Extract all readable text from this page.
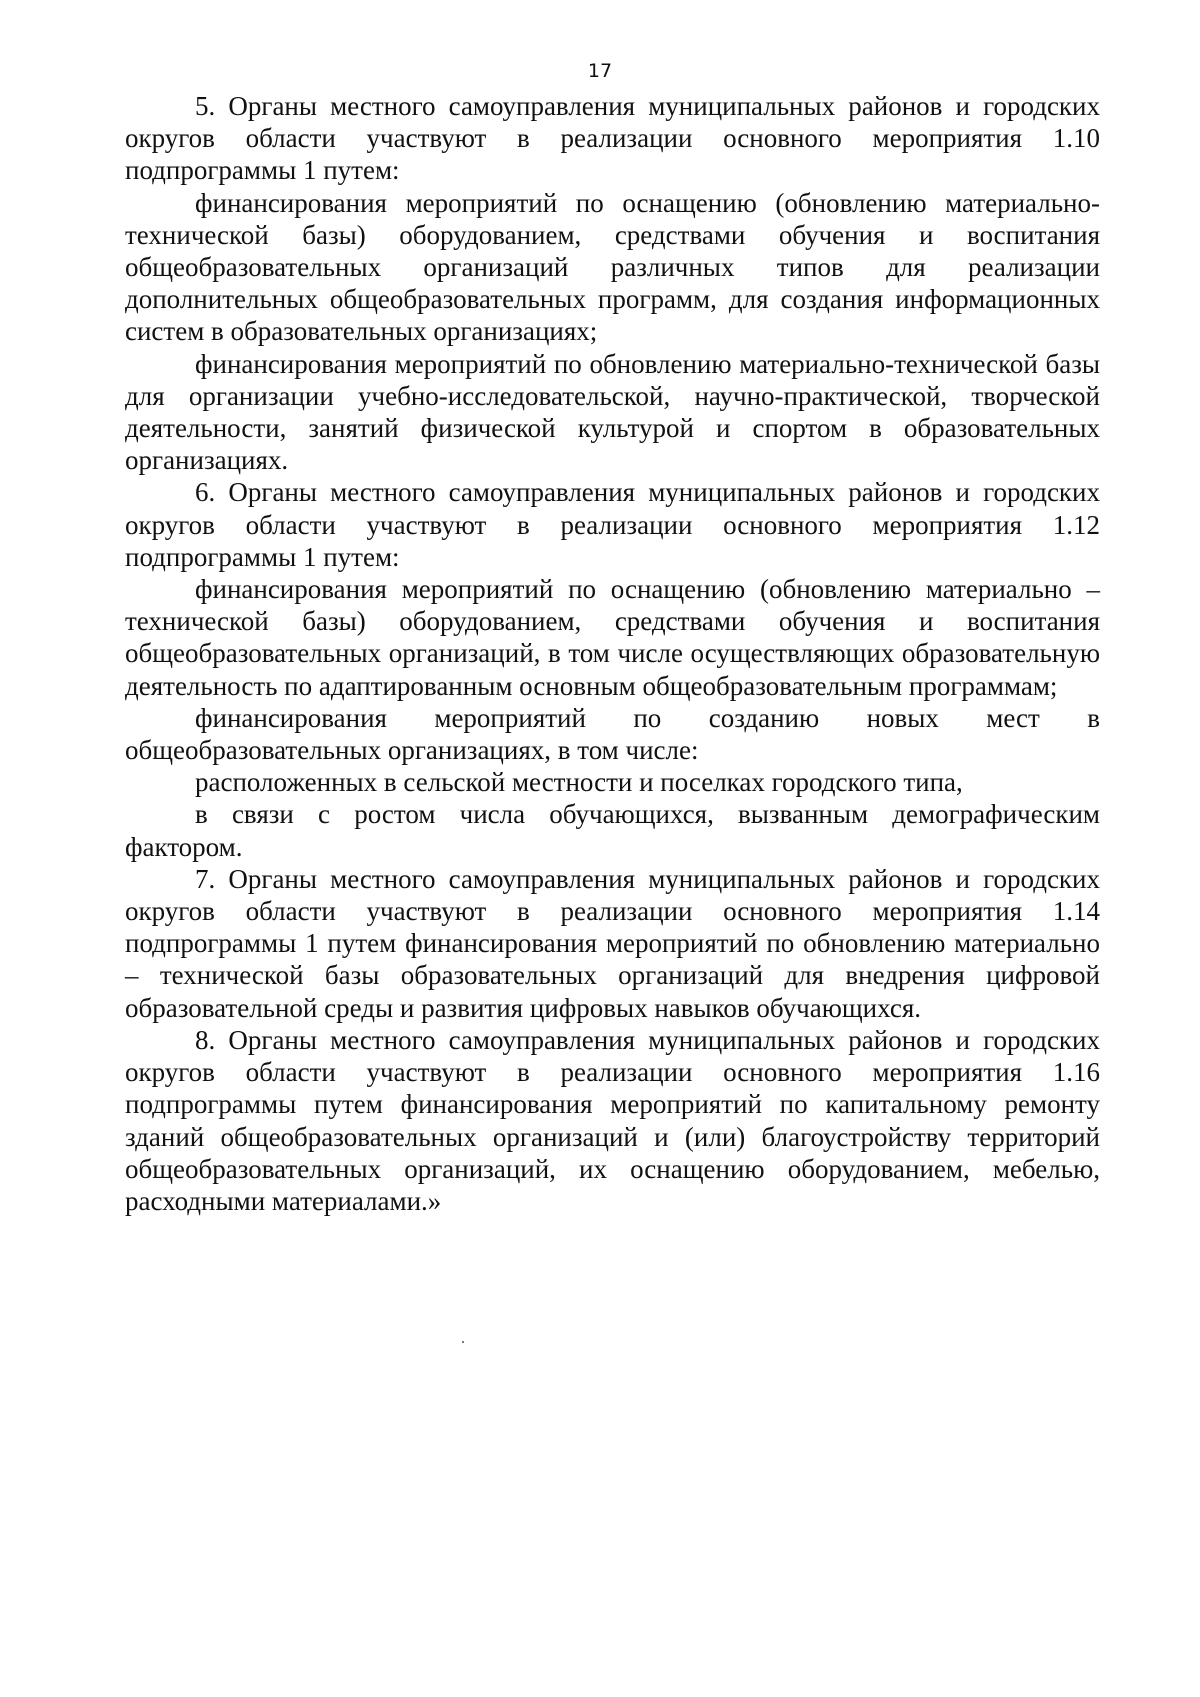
17

5. Органы местного самоуправления муниципальных районов и городских округов области участвуют в реализации основного мероприятия 1.10 подпрограммы 1 путем:

финансирования мероприятий по оснащению (обновлению материально-технической базы) оборудованием, средствами обучения и воспитания общеобразовательных организаций различных типов для реализации дополнительных общеобразовательных программ, для создания информационных систем в образовательных организациях;

финансирования мероприятий по обновлению материально-технической базы для организации учебно-исследовательской, научно-практической, творческой деятельности, занятий физической культурой и спортом в образовательных организациях.

6. Органы местного самоуправления муниципальных районов и городских округов области участвуют в реализации основного мероприятия 1.12 подпрограммы 1 путем:

финансирования мероприятий по оснащению (обновлению материально – технической базы) оборудованием, средствами обучения и воспитания общеобразовательных организаций, в том числе осуществляющих образовательную деятельность по адаптированным основным общеобразовательным программам;

финансирования мероприятий по созданию новых мест в общеобразовательных организациях, в том числе:

расположенных в сельской местности и поселках городского типа,

в связи с ростом числа обучающихся, вызванным демографическим фактором.

7. Органы местного самоуправления муниципальных районов и городских округов области участвуют в реализации основного мероприятия 1.14 подпрограммы 1 путем финансирования мероприятий по обновлению материально – технической базы образовательных организаций для внедрения цифровой образовательной среды и развития цифровых навыков обучающихся.

8. Органы местного самоуправления муниципальных районов и городских округов области участвуют в реализации основного мероприятия 1.16 подпрограммы путем финансирования мероприятий по капитальному ремонту зданий общеобразовательных организаций и (или) благоустройству территорий общеобразовательных организаций, их оснащению оборудованием, мебелью, расходными материалами.»
